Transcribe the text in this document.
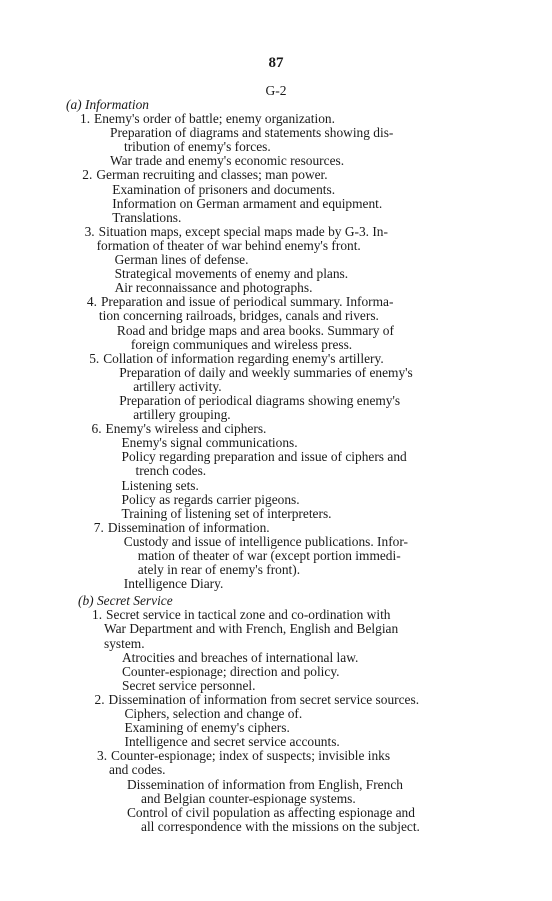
87
G-2
(a) Information
1. Enemy's order of battle; enemy organization.
Preparation of diagrams and statements showing dis-
tribution of enemy's forces.
War trade and enemy's economic resources.
2. German recruiting and classes; man power.
Examination of prisoners and documents.
Information on German armament and equipment.
Translations.
3. Situation maps, except special maps made by G-3. In-
formation of theater of war behind enemy's front.
German lines of defense.
Strategical movements of enemy and plans.
Air reconnaissance and photographs.
4. Preparation and issue of periodical summary. Informa-
tion concerning railroads, bridges, canals and rivers.
Road and bridge maps and area books. Summary of
foreign communiques and wireless press.
5. Collation of information regarding enemy's artillery.
Preparation of daily and weekly summaries of enemy's
artillery activity.
Preparation of periodical diagrams showing enemy's
artillery grouping.
6. Enemy's wireless and ciphers.
Enemy's signal communications.
Policy regarding preparation and issue of ciphers and
trench codes.
Listening sets.
Policy as regards carrier pigeons.
Training of listening set of interpreters.
7. Dissemination of information.
Custody and issue of intelligence publications. Infor-
mation of theater of war (except portion immedi-
ately in rear of enemy's front).
Intelligence Diary.
(b) Secret Service
1. Secret service in tactical zone and co-ordination with
War Department and with French, English and Belgian
system.
Atrocities and breaches of international law.
Counter-espionage; direction and policy.
Secret service personnel.
2. Dissemination of information from secret service sources.
Ciphers, selection and change of.
Examining of enemy's ciphers.
Intelligence and secret service accounts.
3. Counter-espionage; index of suspects; invisible inks
and codes.
Dissemination of information from English, French
and Belgian counter-espionage systems.
Control of civil population as affecting espionage and
all correspondence with the missions on the subject.
